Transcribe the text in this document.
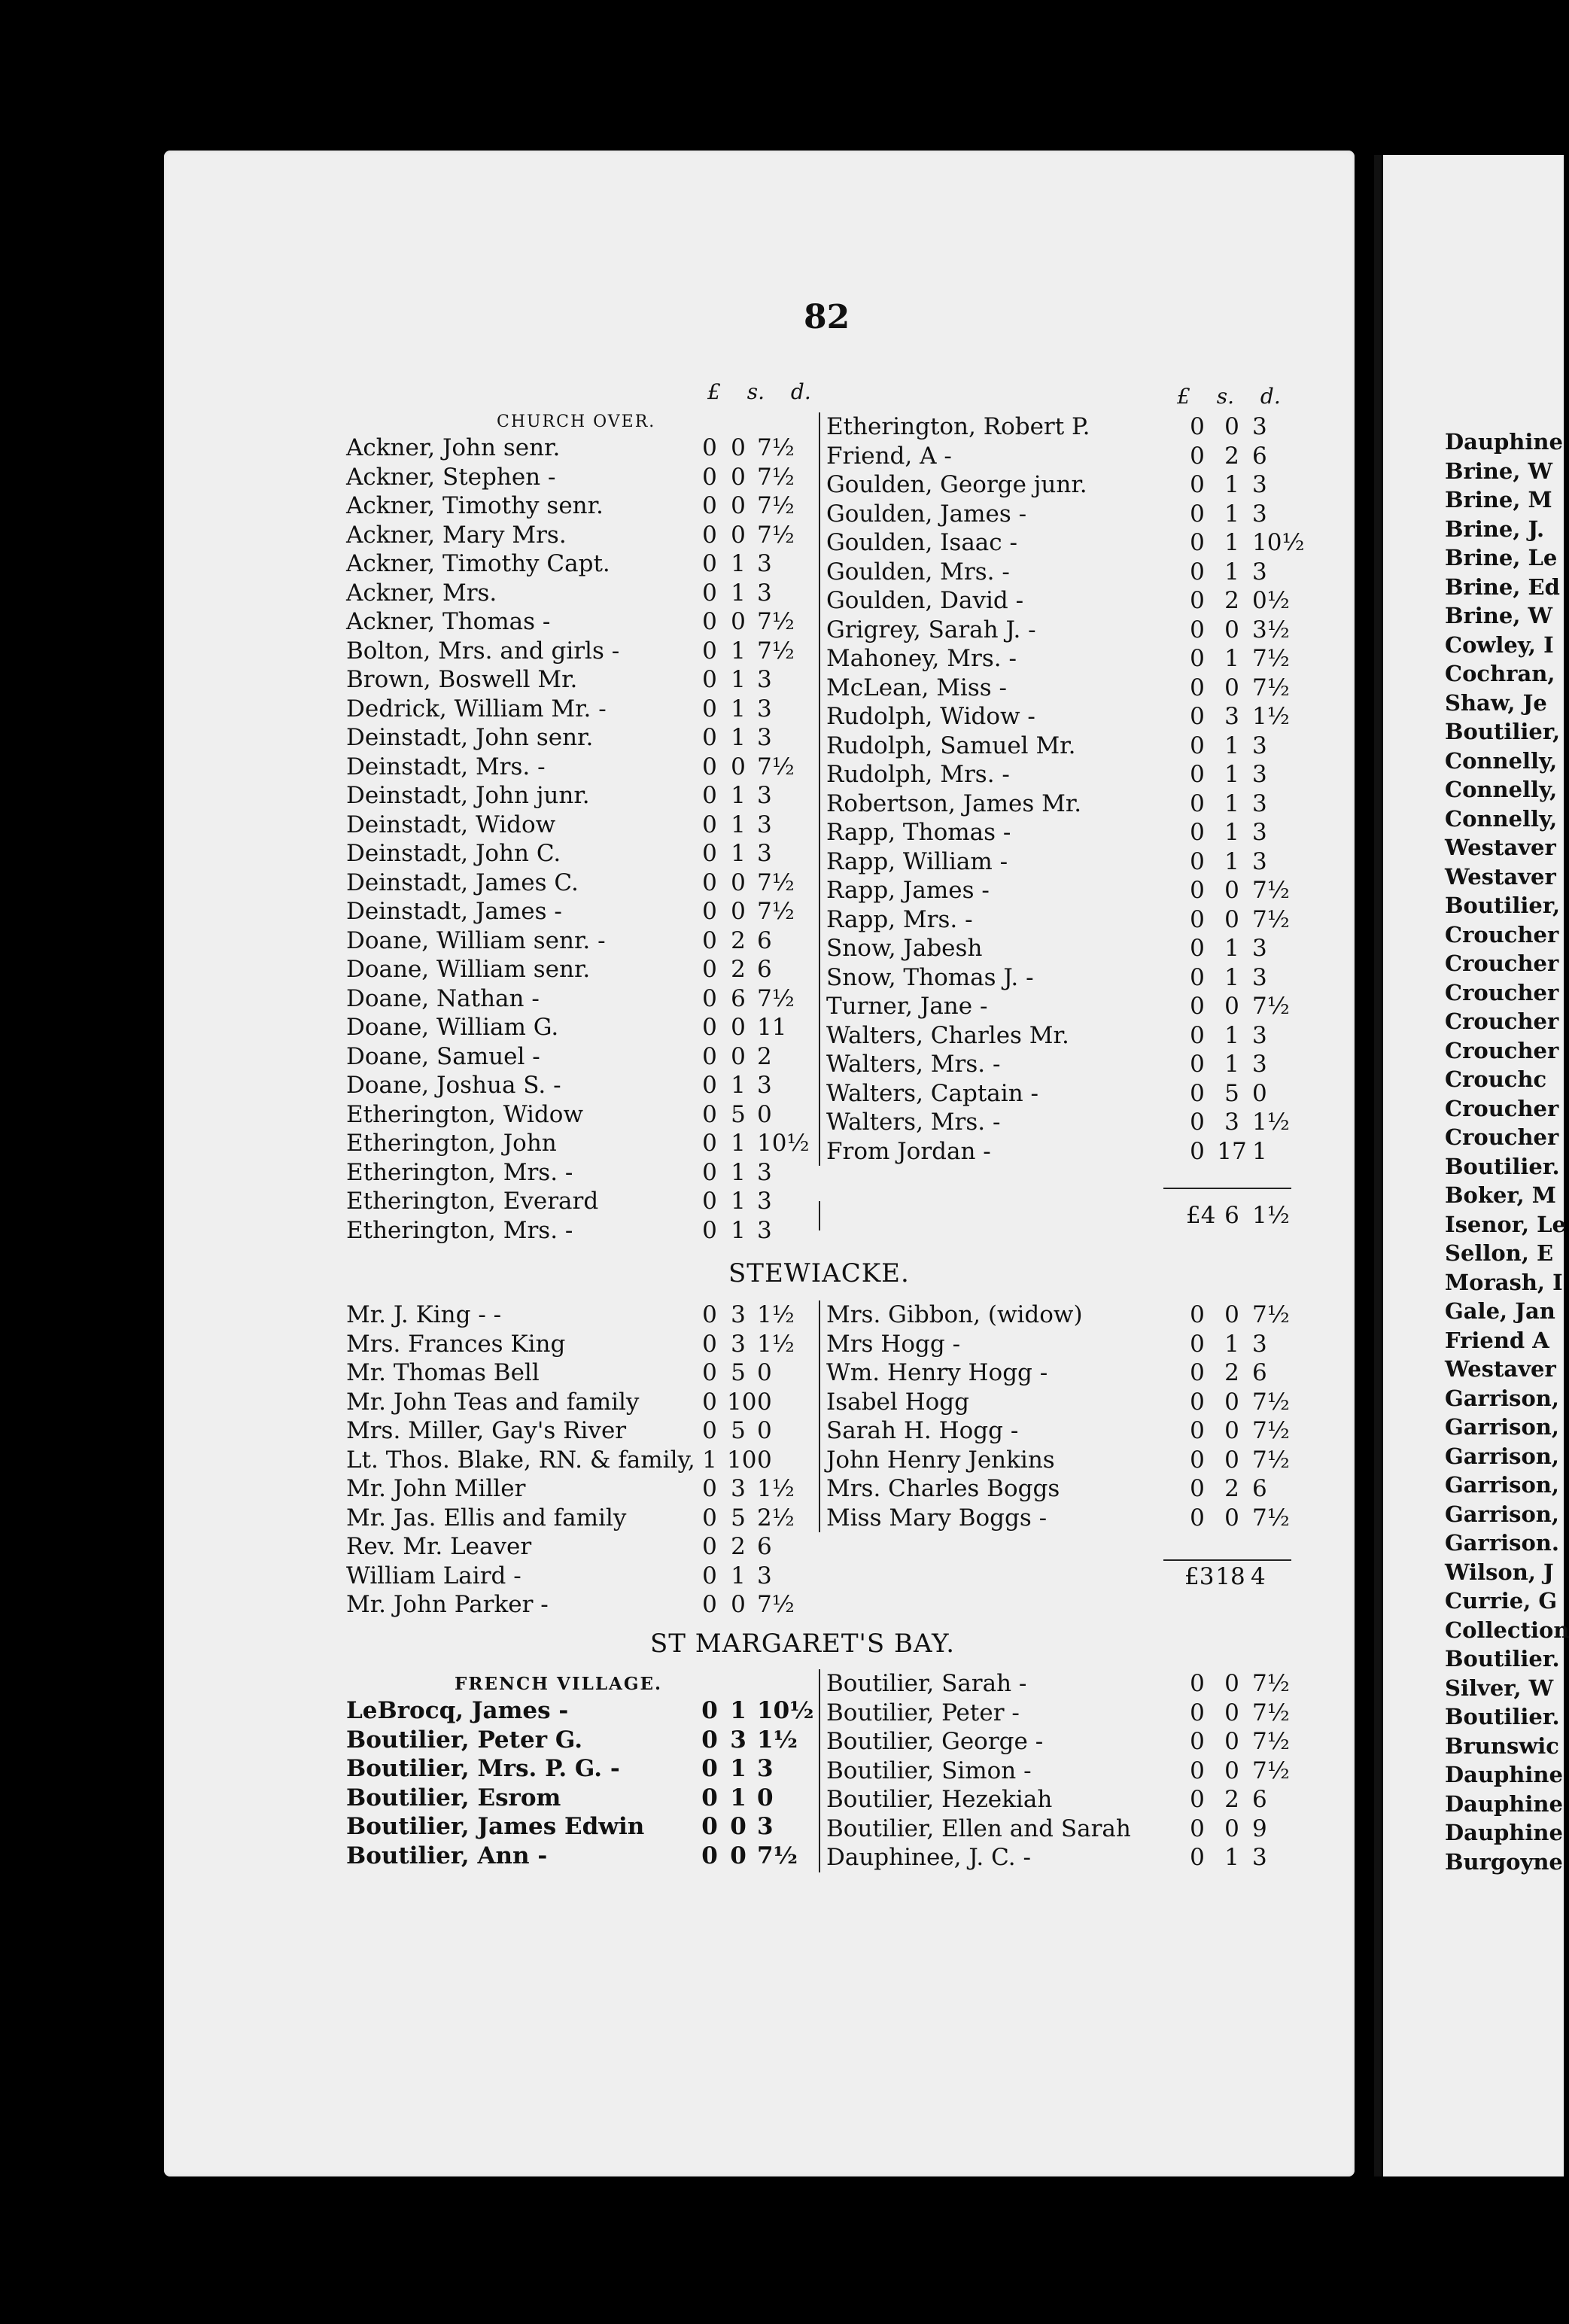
82
£ s. d.	£ s. d.
CHURCH OVER.
Ackner, John senr.	0 0 7½
Ackner, Stephen -	0 0 7½
Ackner, Timothy senr.	0 0 7½
Ackner, Mary Mrs.	0 0 7½
Ackner, Timothy Capt.	0 1 3
Ackner, Mrs.	0 1 3
Ackner, Thomas -	0 0 7½
Bolton, Mrs. and girls -	0 1 7½
Brown, Boswell Mr.	0 1 3
Dedrick, William Mr. -	0 1 3
Deinstadt, John senr.	0 1 3
Deinstadt, Mrs. -	0 0 7½
Deinstadt, John junr.	0 1 3
Deinstadt, Widow	0 1 3
Deinstadt, John C.	0 1 3
Deinstadt, James C.	0 0 7½
Deinstadt, James -	0 0 7½
Doane, William senr. -	0 2 6
Doane, William senr.	0 2 6
Doane, Nathan -	0 6 7½
Doane, William G.	0 0 11
Doane, Samuel -	0 0 2
Doane, Joshua S. -	0 1 3
Etherington, Widow	0 5 0
Etherington, John	0 1 10½
Etherington, Mrs. -	0 1 3
Etherington, Everard	0 1 3
Etherington, Mrs. -	0 1 3
Etherington, Robert P.	0 0 3
Friend, A -	0 2 6
Goulden, George junr.	0 1 3
Goulden, James -	0 1 3
Goulden, Isaac -	0 1 10½
Goulden, Mrs. -	0 1 3
Goulden, David -	0 2 0½
Grigrey, Sarah J. -	0 0 3½
Mahoney, Mrs. -	0 1 7½
McLean, Miss -	0 0 7½
Rudolph, Widow -	0 3 1½
Rudolph, Samuel Mr.	0 1 3
Rudolph, Mrs. -	0 1 3
Robertson, James Mr.	0 1 3
Rapp, Thomas -	0 1 3
Rapp, William -	0 1 3
Rapp, James -	0 0 7½
Rapp, Mrs. -	0 0 7½
Snow, Jabesh	0 1 3
Snow, Thomas J. -	0 1 3
Turner, Jane -	0 0 7½
Walters, Charles Mr.	0 1 3
Walters, Mrs. -	0 1 3
Walters, Captain -	0 5 0
Walters, Mrs. -	0 3 1½
From Jordan -	0 17 1
£4 6 1½
STEWIACKE.
Mr. J. King - -	0 3 1½
Mrs. Frances King	0 3 1½
Mr. Thomas Bell	0 5 0
Mr. John Teas and family	0 10 0
Mrs. Miller, Gay's River	0 5 0
Lt. Thos. Blake, RN. & family, 1 10 0
Mr. John Miller	0 3 1½
Mr. Jas. Ellis and family	0 5 2½
Rev. Mr. Leaver	0 2 6
William Laird -	0 1 3
Mr. John Parker -	0 0 7½
Mrs. Gibbon, (widow)	0 0 7½
Mrs Hogg -	0 1 3
Wm. Henry Hogg -	0 2 6
Isabel Hogg	0 0 7½
Sarah H. Hogg -	0 0 7½
John Henry Jenkins	0 0 7½
Mrs. Charles Boggs	0 2 6
Miss Mary Boggs -	0 0 7½
£3 18 4
ST MARGARET'S BAY.
FRENCH VILLAGE.
LeBrocq, James -	0 1 10½
Boutilier, Peter G.	0 3 1½
Boutilier, Mrs. P. G. -	0 1 3
Boutilier, Esrom	0 1 0
Boutilier, James Edwin 0 0 3
Boutilier, Ann -	0 0 7½
Boutilier, Sarah -	0 0 7½
Boutilier, Peter -	0 0 7½
Boutilier, George -	0 0 7½
Boutilier, Simon -	0 0 7½
Boutilier, Hezekiah	0 2 6
Boutilier, Ellen and Sarah	0 0 9
Dauphinee, J. C. -	0 1 3
Dauphine
Brine, W
Brine, M
Brine, J.
Brine, Le
Brine, Ed
Brine, W
Cowley, I
Cochran,
Shaw, Je
Boutilier,
Connelly,
Connelly,
Connelly,
Westaver
Westaver
Boutilier,
Croucher
Croucher
Croucher
Croucher
Croucher
Crouchc
Croucher
Croucher
Boutilier.
Boker, M
Isenor, Le
Sellon, E
Morash, I
Gale, Jan
Friend A
Westaver
Garrison,
Garrison,
Garrison,
Garrison,
Garrison,
Garrison.
Wilson, J
Currie, G
Collection
Boutilier.
Silver, W
Boutilier.
Brunswic
Dauphine
Dauphine
Dauphine
Burgoyne
